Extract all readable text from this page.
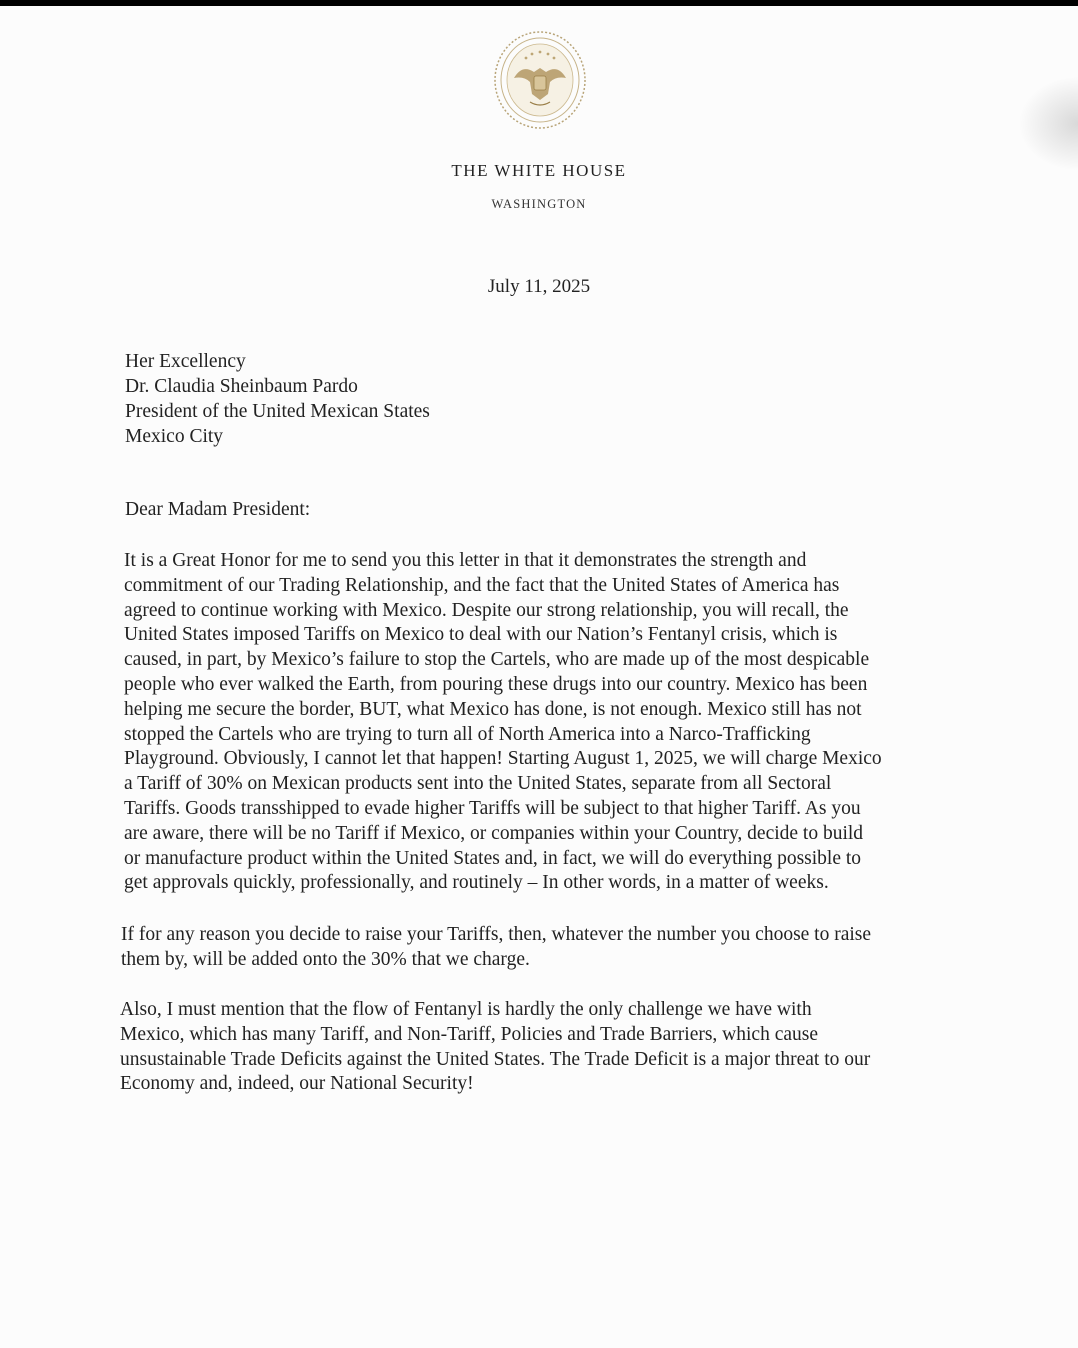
THE WHITE HOUSE
WASHINGTON
July 11, 2025
Her Excellency
Dr. Claudia Sheinbaum Pardo
President of the United Mexican States
Mexico City
Dear Madam President:
It is a Great Honor for me to send you this letter in that it demonstrates the strength and
commitment of our Trading Relationship, and the fact that the United States of America has
agreed to continue working with Mexico. Despite our strong relationship, you will recall, the
United States imposed Tariffs on Mexico to deal with our Nation’s Fentanyl crisis, which is
caused, in part, by Mexico’s failure to stop the Cartels, who are made up of the most despicable
people who ever walked the Earth, from pouring these drugs into our country. Mexico has been
helping me secure the border, BUT, what Mexico has done, is not enough. Mexico still has not
stopped the Cartels who are trying to turn all of North America into a Narco-Trafficking
Playground. Obviously, I cannot let that happen! Starting August 1, 2025, we will charge Mexico
a Tariff of 30% on Mexican products sent into the United States, separate from all Sectoral
Tariffs. Goods transshipped to evade higher Tariffs will be subject to that higher Tariff. As you
are aware, there will be no Tariff if Mexico, or companies within your Country, decide to build
or manufacture product within the United States and, in fact, we will do everything possible to
get approvals quickly, professionally, and routinely – In other words, in a matter of weeks.
If for any reason you decide to raise your Tariffs, then, whatever the number you choose to raise
them by, will be added onto the 30% that we charge.
Also, I must mention that the flow of Fentanyl is hardly the only challenge we have with
Mexico, which has many Tariff, and Non-Tariff, Policies and Trade Barriers, which cause
unsustainable Trade Deficits against the United States. The Trade Deficit is a major threat to our
Economy and, indeed, our National Security!
